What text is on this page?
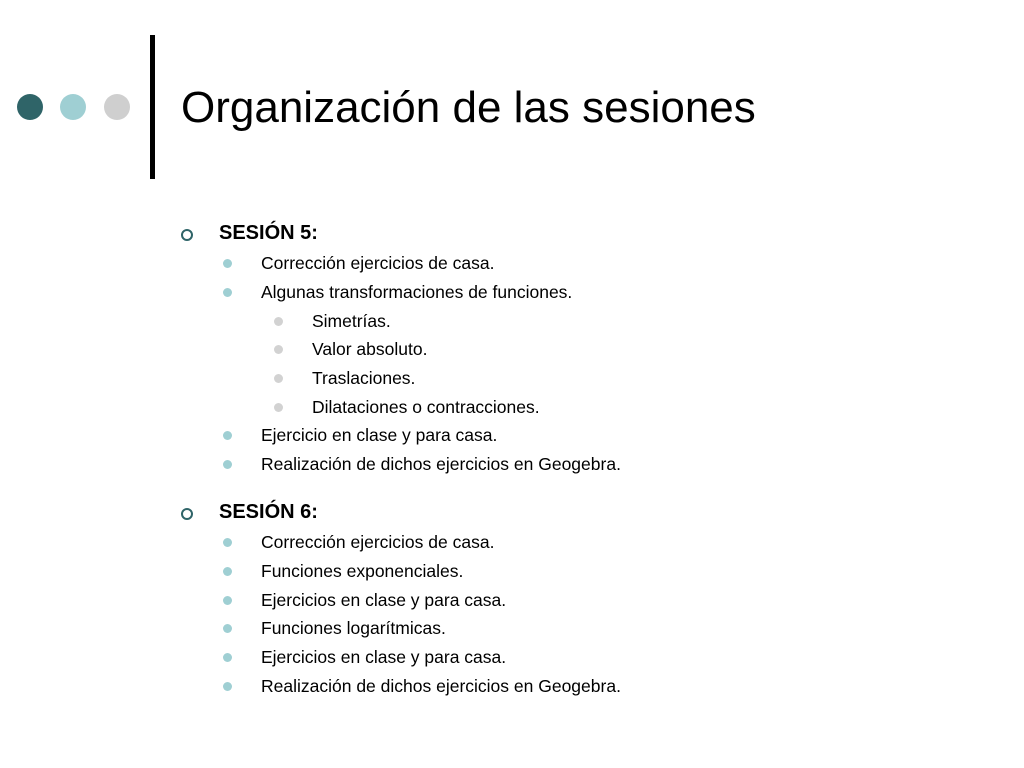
Organización de las sesiones
SESIÓN 5:
Corrección ejercicios de casa.
Algunas transformaciones de funciones.
Simetrías.
Valor absoluto.
Traslaciones.
Dilataciones o contracciones.
Ejercicio en clase y para casa.
Realización de dichos ejercicios en Geogebra.
SESIÓN 6:
Corrección ejercicios de casa.
Funciones exponenciales.
Ejercicios en clase y para casa.
Funciones logarítmicas.
Ejercicios en clase y para casa.
Realización de dichos ejercicios en Geogebra.
